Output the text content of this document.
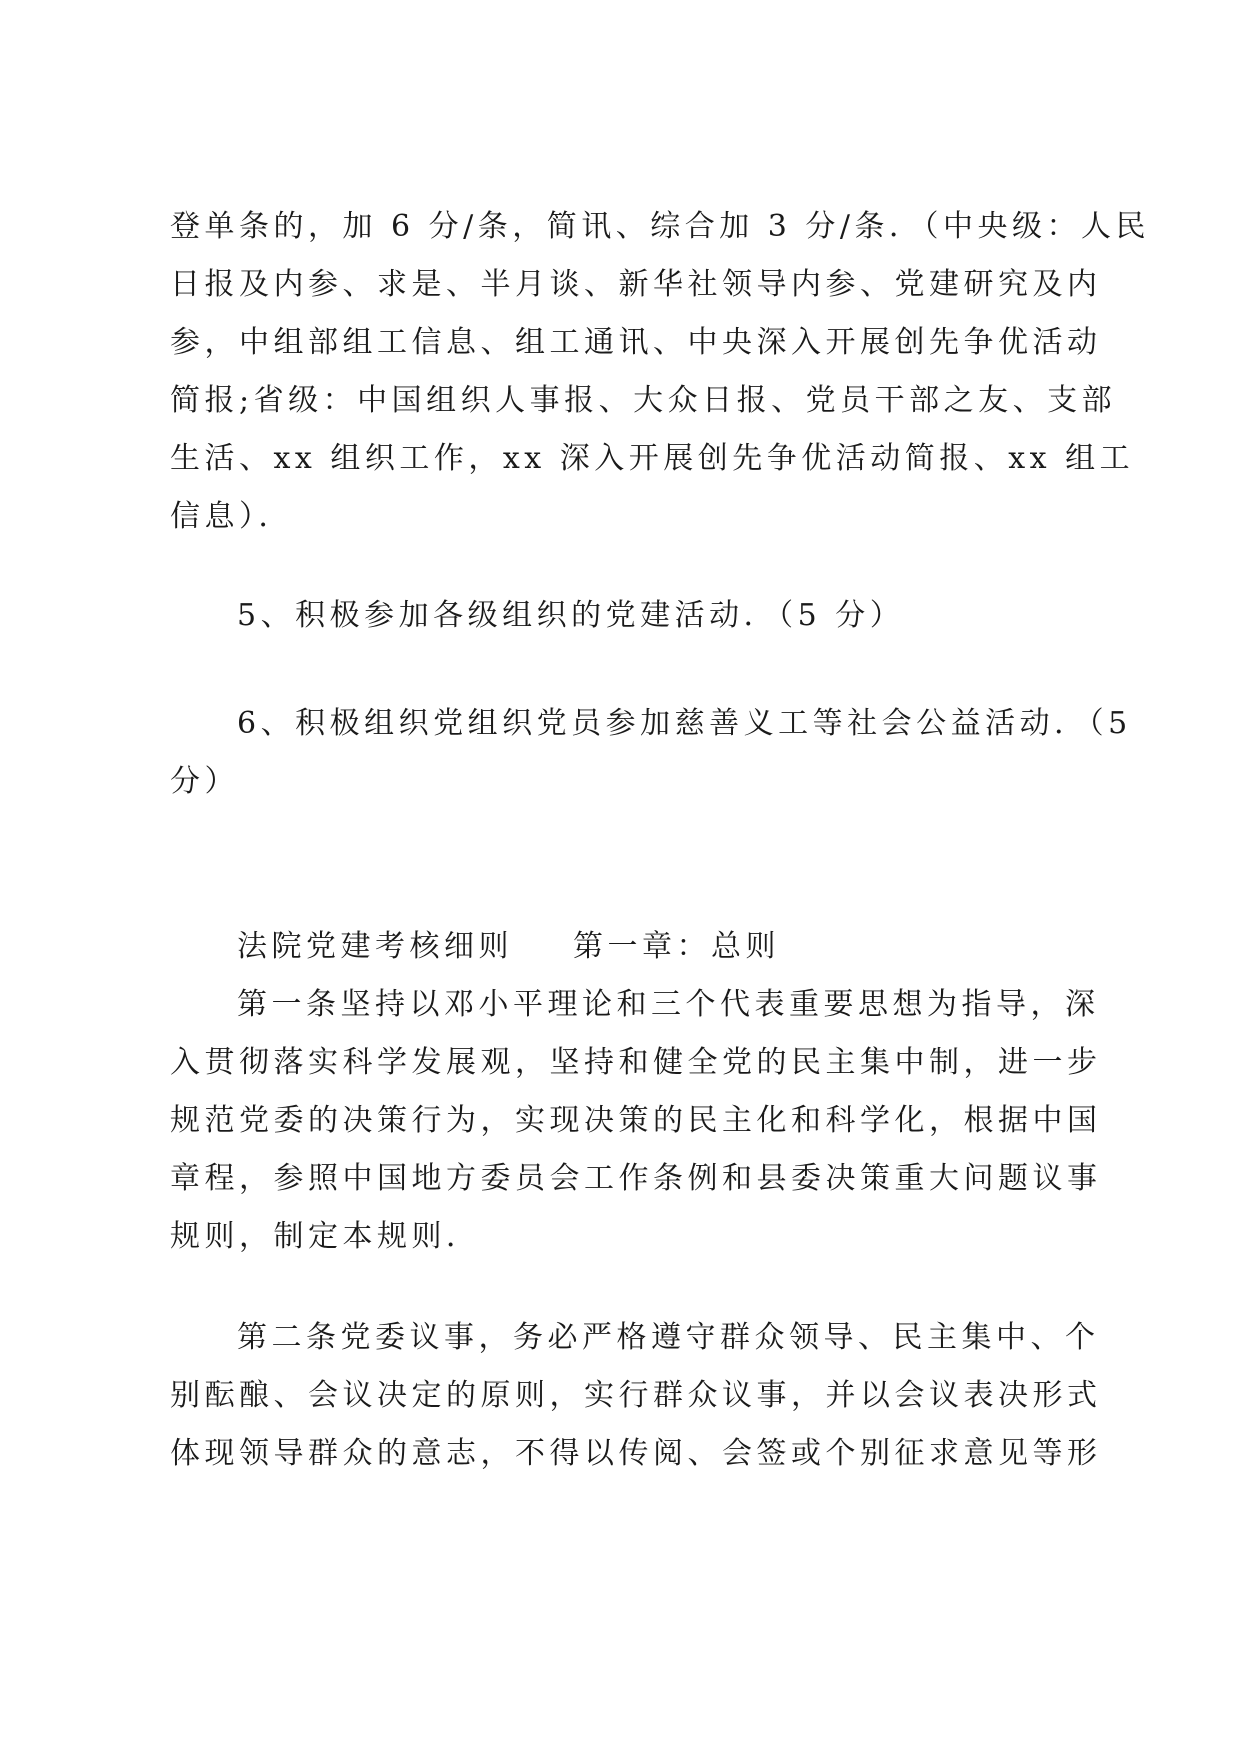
登单条的，加 6 分/条，简讯、综合加 3 分/条．（中央级：人民
日报及内参、求是、半月谈、新华社领导内参、党建研究及内
参，中组部组工信息、组工通讯、中央深入开展创先争优活动
简报;省级：中国组织人事报、大众日报、党员干部之友、支部
生活、xx 组织工作，xx 深入开展创先争优活动简报、xx 组工
信息）．
5、积极参加各级组织的党建活动．（5 分）
6、积极组织党组织党员参加慈善义工等社会公益活动．（5
分）
法院党建考核细则 第一章：总则
第一条坚持以邓小平理论和三个代表重要思想为指导，深
入贯彻落实科学发展观，坚持和健全党的民主集中制，进一步
规范党委的决策行为，实现决策的民主化和科学化，根据中国
章程，参照中国地方委员会工作条例和县委决策重大问题议事
规则，制定本规则．
第二条党委议事，务必严格遵守群众领导、民主集中、个
别酝酿、会议决定的原则，实行群众议事，并以会议表决形式
体现领导群众的意志，不得以传阅、会签或个别征求意见等形
